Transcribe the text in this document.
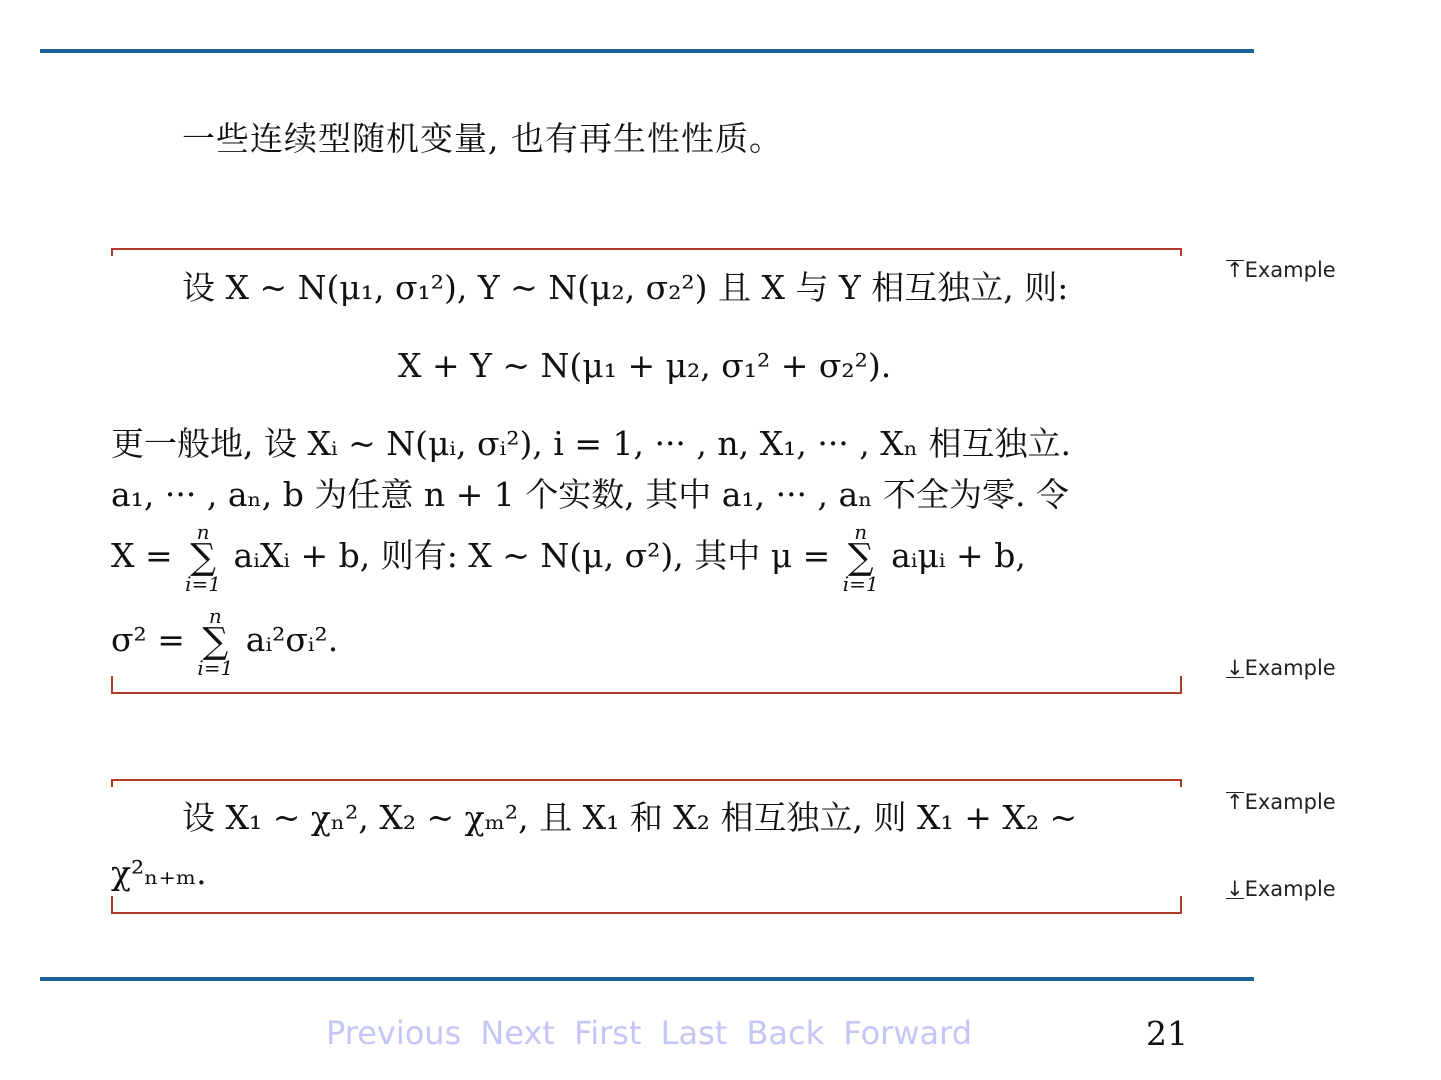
一些连续型随机变量, 也有再生性性质。
↑Example
设 X ~ N(μ₁, σ₁²), Y ~ N(μ₂, σ₂²) 且 X 与 Y 相互独立, 则:
X + Y ~ N(μ₁ + μ₂, σ₁² + σ₂²).
更一般地, 设 Xᵢ ~ N(μᵢ, σᵢ²), i = 1, ··· , n, X₁, ··· , Xₙ 相互独立.
a₁, ··· , aₙ, b 为任意 n + 1 个实数, 其中 a₁, ··· , aₙ 不全为零. 令
X =
n
∑
i=1
aᵢXᵢ + b, 则有: X ~ N(μ, σ²), 其中 μ =
n
∑
i=1
aᵢμᵢ + b,
σ² =
n
∑
i=1
aᵢ²σᵢ².
↓Example
↑Example
设 X₁ ~ χₙ², X₂ ~ χₘ², 且 X₁ 和 X₂ 相互独立, 则 X₁ + X₂ ~
χ²ₙ₊ₘ.	↓Example
Previous Next First Last Back Forward	21
